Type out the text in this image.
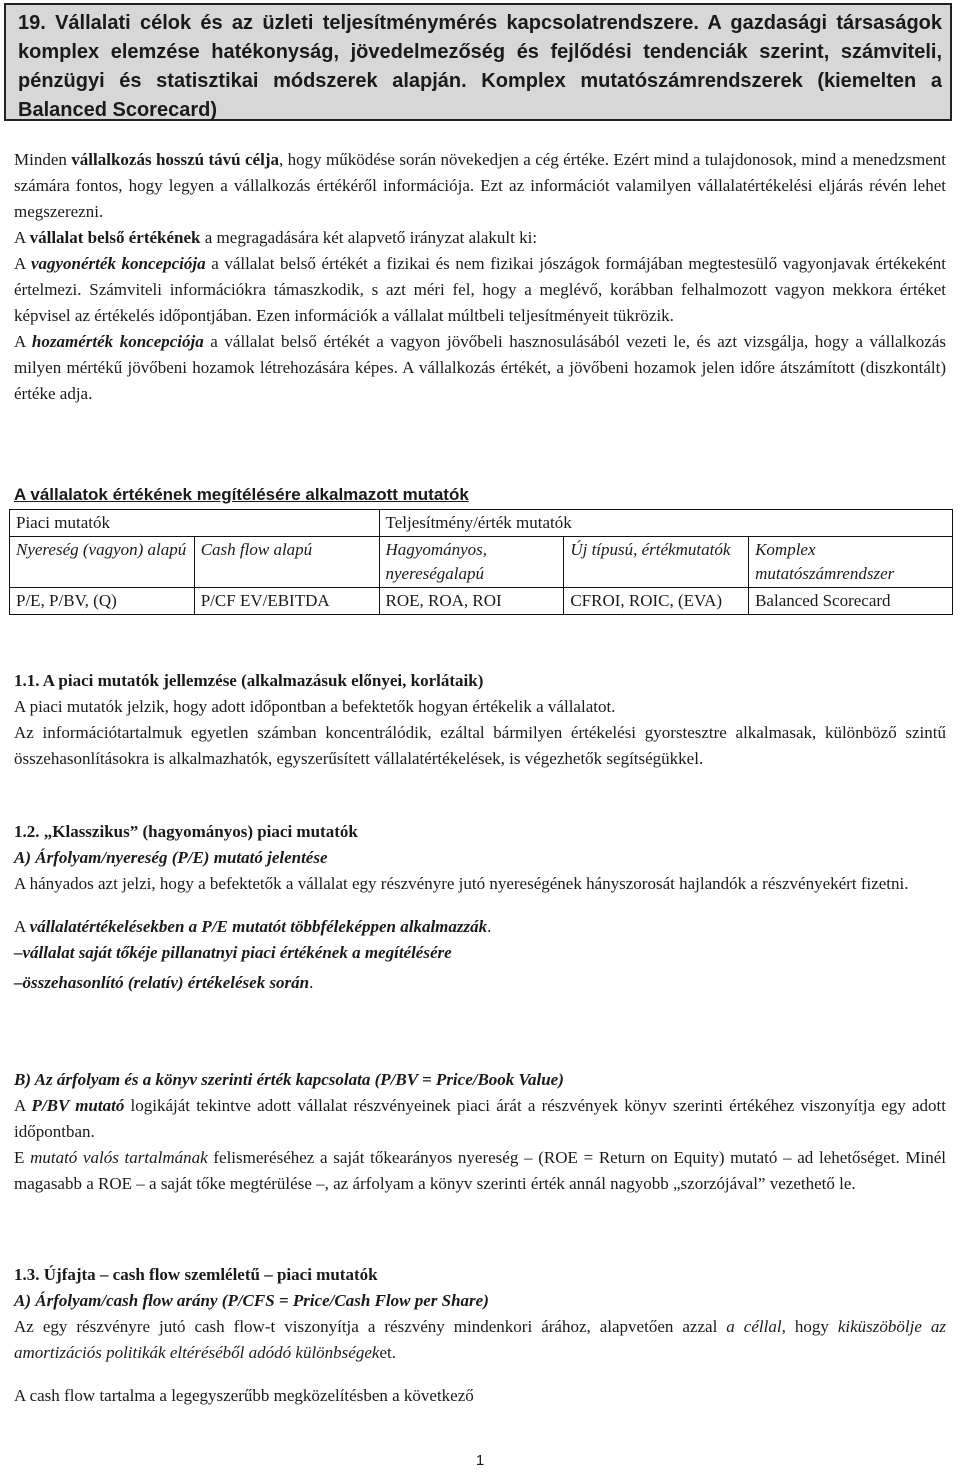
19. Vállalati célok és az üzleti teljesítménymérés kapcsolatrendszere. A gazdasági társaságok komplex elemzése hatékonyság, jövedelmezőség és fejlődési tendenciák szerint, számviteli, pénzügyi és statisztikai módszerek alapján. Komplex mutatószámrendszerek (kiemelten a Balanced Scorecard)

Minden vállalkozás hosszú távú célja, hogy működése során növekedjen a cég értéke. Ezért mind a tulajdonosok, mind a menedzsment számára fontos, hogy legyen a vállalkozás értékéről információja. Ezt az információt valamilyen vállalatértékelési eljárás révén lehet megszerezni.

A vállalat belső értékének a megragadására két alapvető irányzat alakult ki:

A vagyonérték koncepciója a vállalat belső értékét a fizikai és nem fizikai jószágok formájában megtestesülő vagyonjavak értékeként értelmezi. Számviteli információkra támaszkodik, s azt méri fel, hogy a meglévő, korábban felhalmozott vagyon mekkora értéket képvisel az értékelés időpontjában. Ezen információk a vállalat múltbeli teljesítményeit tükrözik.

A hozamérték koncepciója a vállalat belső értékét a vagyon jövőbeli hasznosulásából vezeti le, és azt vizsgálja, hogy a vállalkozás milyen mértékű jövőbeni hozamok létrehozására képes. A vállalkozás értékét, a jövőbeni hozamok jelen időre átszámított (diszkontált) értéke adja.

A vállalatok értékének megítélésére alkalmazott mutatók
Piaci mutatók		Teljesítmény/érték mutatók		
Nyereség (vagyon) alapú	Cash flow alapú	Hagyományos, nyereségalapú	Új típusú, értékmutatók	Komplex mutatószámrendszer
P/E, P/BV, (Q)	P/CF EV/EBITDA	ROE, ROA, ROI	CFROI, ROIC, (EVA)	Balanced Scorecard

1.1. A piaci mutatók jellemzése (alkalmazásuk előnyei, korlátaik)

A piaci mutatók jelzik, hogy adott időpontban a befektetők hogyan értékelik a vállalatot.

Az információtartalmuk egyetlen számban koncentrálódik, ezáltal bármilyen értékelési gyorstesztre alkalmasak, különböző szintű összehasonlításokra is alkalmazhatók, egyszerűsített vállalatértékelések, is végezhetők segítségükkel.

1.2. „Klasszikus” (hagyományos) piaci mutatók

A) Árfolyam/nyereség (P/E) mutató jelentése

A hányados azt jelzi, hogy a befektetők a vállalat egy részvényre jutó nyereségének hányszorosát hajlandók a részvényekért fizetni.

A vállalatértékelésekben a P/E mutatót többféleképpen alkalmazzák.

–vállalat saját tőkéje pillanatnyi piaci értékének a megítélésére

–összehasonlító (relatív) értékelések során.

B) Az árfolyam és a könyv szerinti érték kapcsolata (P/BV = Price/Book Value)

A P/BV mutató logikáját tekintve adott vállalat részvényeinek piaci árát a részvények könyv szerinti értékéhez viszonyítja egy adott időpontban.

E mutató valós tartalmának felismeréséhez a saját tőkearányos nyereség – (ROE = Return on Equity) mutató – ad lehetőséget. Minél magasabb a ROE – a saját tőke megtérülése –, az árfolyam a könyv szerinti érték annál nagyobb „szorzójával” vezethető le.

1.3. Újfajta – cash flow szemléletű – piaci mutatók

A) Árfolyam/cash flow arány (P/CFS = Price/Cash Flow per Share)

Az egy részvényre jutó cash flow-t viszonyítja a részvény mindenkori árához, alapvetően azzal a céllal, hogy kiküszöbölje az amortizációs politikák eltéréséből adódó különbségeket.

A cash flow tartalma a legegyszerűbb megközelítésben a következő

1
